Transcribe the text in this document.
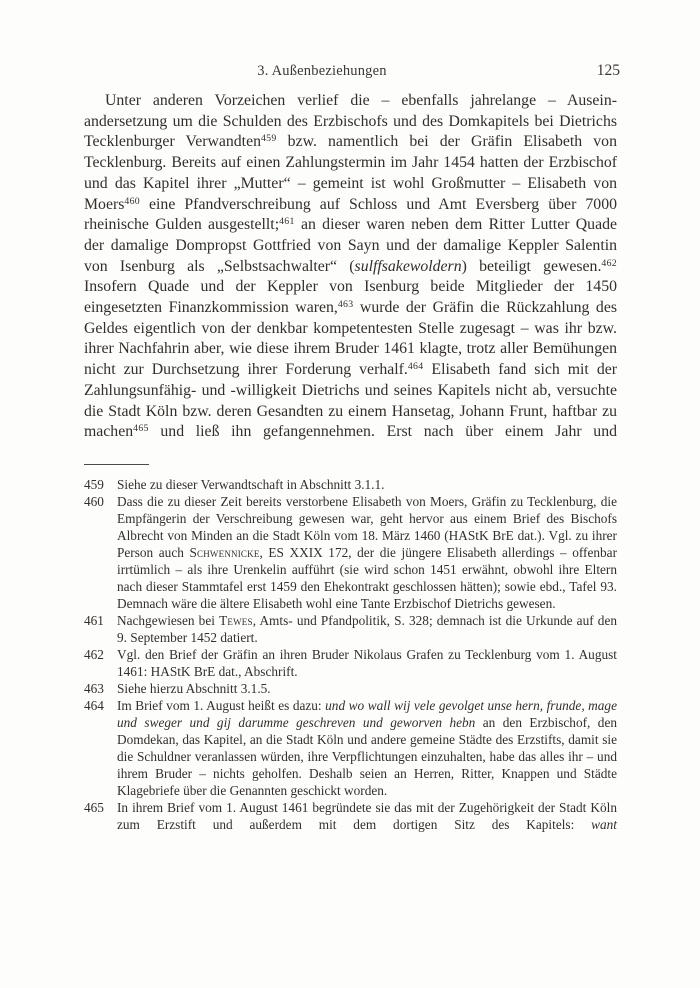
3. Außenbeziehungen	125

Unter anderen Vorzeichen verlief die – ebenfalls jahrelange – Auseinandersetzung um die Schulden des Erzbischofs und des Domkapitels bei Dietrichs Tecklenburger Verwandten$^{459}$ bzw. namentlich bei der Gräfin Elisabeth von Tecklenburg. Bereits auf einen Zahlungstermin im Jahr 1454 hatten der Erzbischof und das Kapitel ihrer „Mutter“ – gemeint ist wohl Großmutter – Elisabeth von Moers$^{460}$ eine Pfandverschreibung auf Schloss und Amt Eversberg über 7000 rheinische Gulden ausgestellt;$^{461}$ an dieser waren neben dem Ritter Lutter Quade der damalige Dompropst Gottfried von Sayn und der damalige Keppler Salentin von Isenburg als „Selbstsachwalter“ (sulffsakewoldern) beteiligt gewesen.$^{462}$ Insofern Quade und der Keppler von Isenburg beide Mitglieder der 1450 eingesetzten Finanzkommission waren,$^{463}$ wurde der Gräfin die Rückzahlung des Geldes eigentlich von der denkbar kompetentesten Stelle zugesagt – was ihr bzw. ihrer Nachfahrin aber, wie diese ihrem Bruder 1461 klagte, trotz aller Bemühungen nicht zur Durchsetzung ihrer Forderung verhalf.$^{464}$ Elisabeth fand sich mit der Zahlungsunfähig- und -willigkeit Dietrichs und seines Kapitels nicht ab, versuchte die Stadt Köln bzw. deren Gesandten zu einem Hansetag, Johann Frunt, haftbar zu machen$^{465}$ und ließ ihn gefangennehmen. Erst nach über einem Jahr und

459 Siehe zu dieser Verwandtschaft in Abschnitt 3.1.1.
460 Dass die zu dieser Zeit bereits verstorbene Elisabeth von Moers, Gräfin zu Tecklenburg, die Empfängerin der Verschreibung gewesen war, geht hervor aus einem Brief des Bischofs Albrecht von Minden an die Stadt Köln vom 18. März 1460 (HAStK BrE dat.). Vgl. zu ihrer Person auch Schwennicke, ES XXIX 172, der die jüngere Elisabeth allerdings – offenbar irrtümlich – als ihre Urenkelin aufführt (sie wird schon 1451 erwähnt, obwohl ihre Eltern nach dieser Stammtafel erst 1459 den Ehekontrakt geschlossen hätten); sowie ebd., Tafel 93. Demnach wäre die ältere Elisabeth wohl eine Tante Erzbischof Dietrichs gewesen.
461 Nachgewiesen bei Tewes, Amts- und Pfandpolitik, S. 328; demnach ist die Urkunde auf den 9. September 1452 datiert.
462 Vgl. den Brief der Gräfin an ihren Bruder Nikolaus Grafen zu Tecklenburg vom 1. August 1461: HAStK BrE dat., Abschrift.
463 Siehe hierzu Abschnitt 3.1.5.
464 Im Brief vom 1. August heißt es dazu: und wo wall wij vele gevolget unse hern, frunde, mage und sweger und gij darumme geschreven und geworven hebn an den Erzbischof, den Domdekan, das Kapitel, an die Stadt Köln und andere gemeine Städte des Erzstifts, damit sie die Schuldner veranlassen würden, ihre Verpflichtungen einzuhalten, habe das alles ihr – und ihrem Bruder – nichts geholfen. Deshalb seien an Herren, Ritter, Knappen und Städte Klagebriefe über die Genannten geschickt worden.
465 In ihrem Brief vom 1. August 1461 begründete sie das mit der Zugehörigkeit der Stadt Köln zum Erzstift und außerdem mit dem dortigen Sitz des Kapitels: want
